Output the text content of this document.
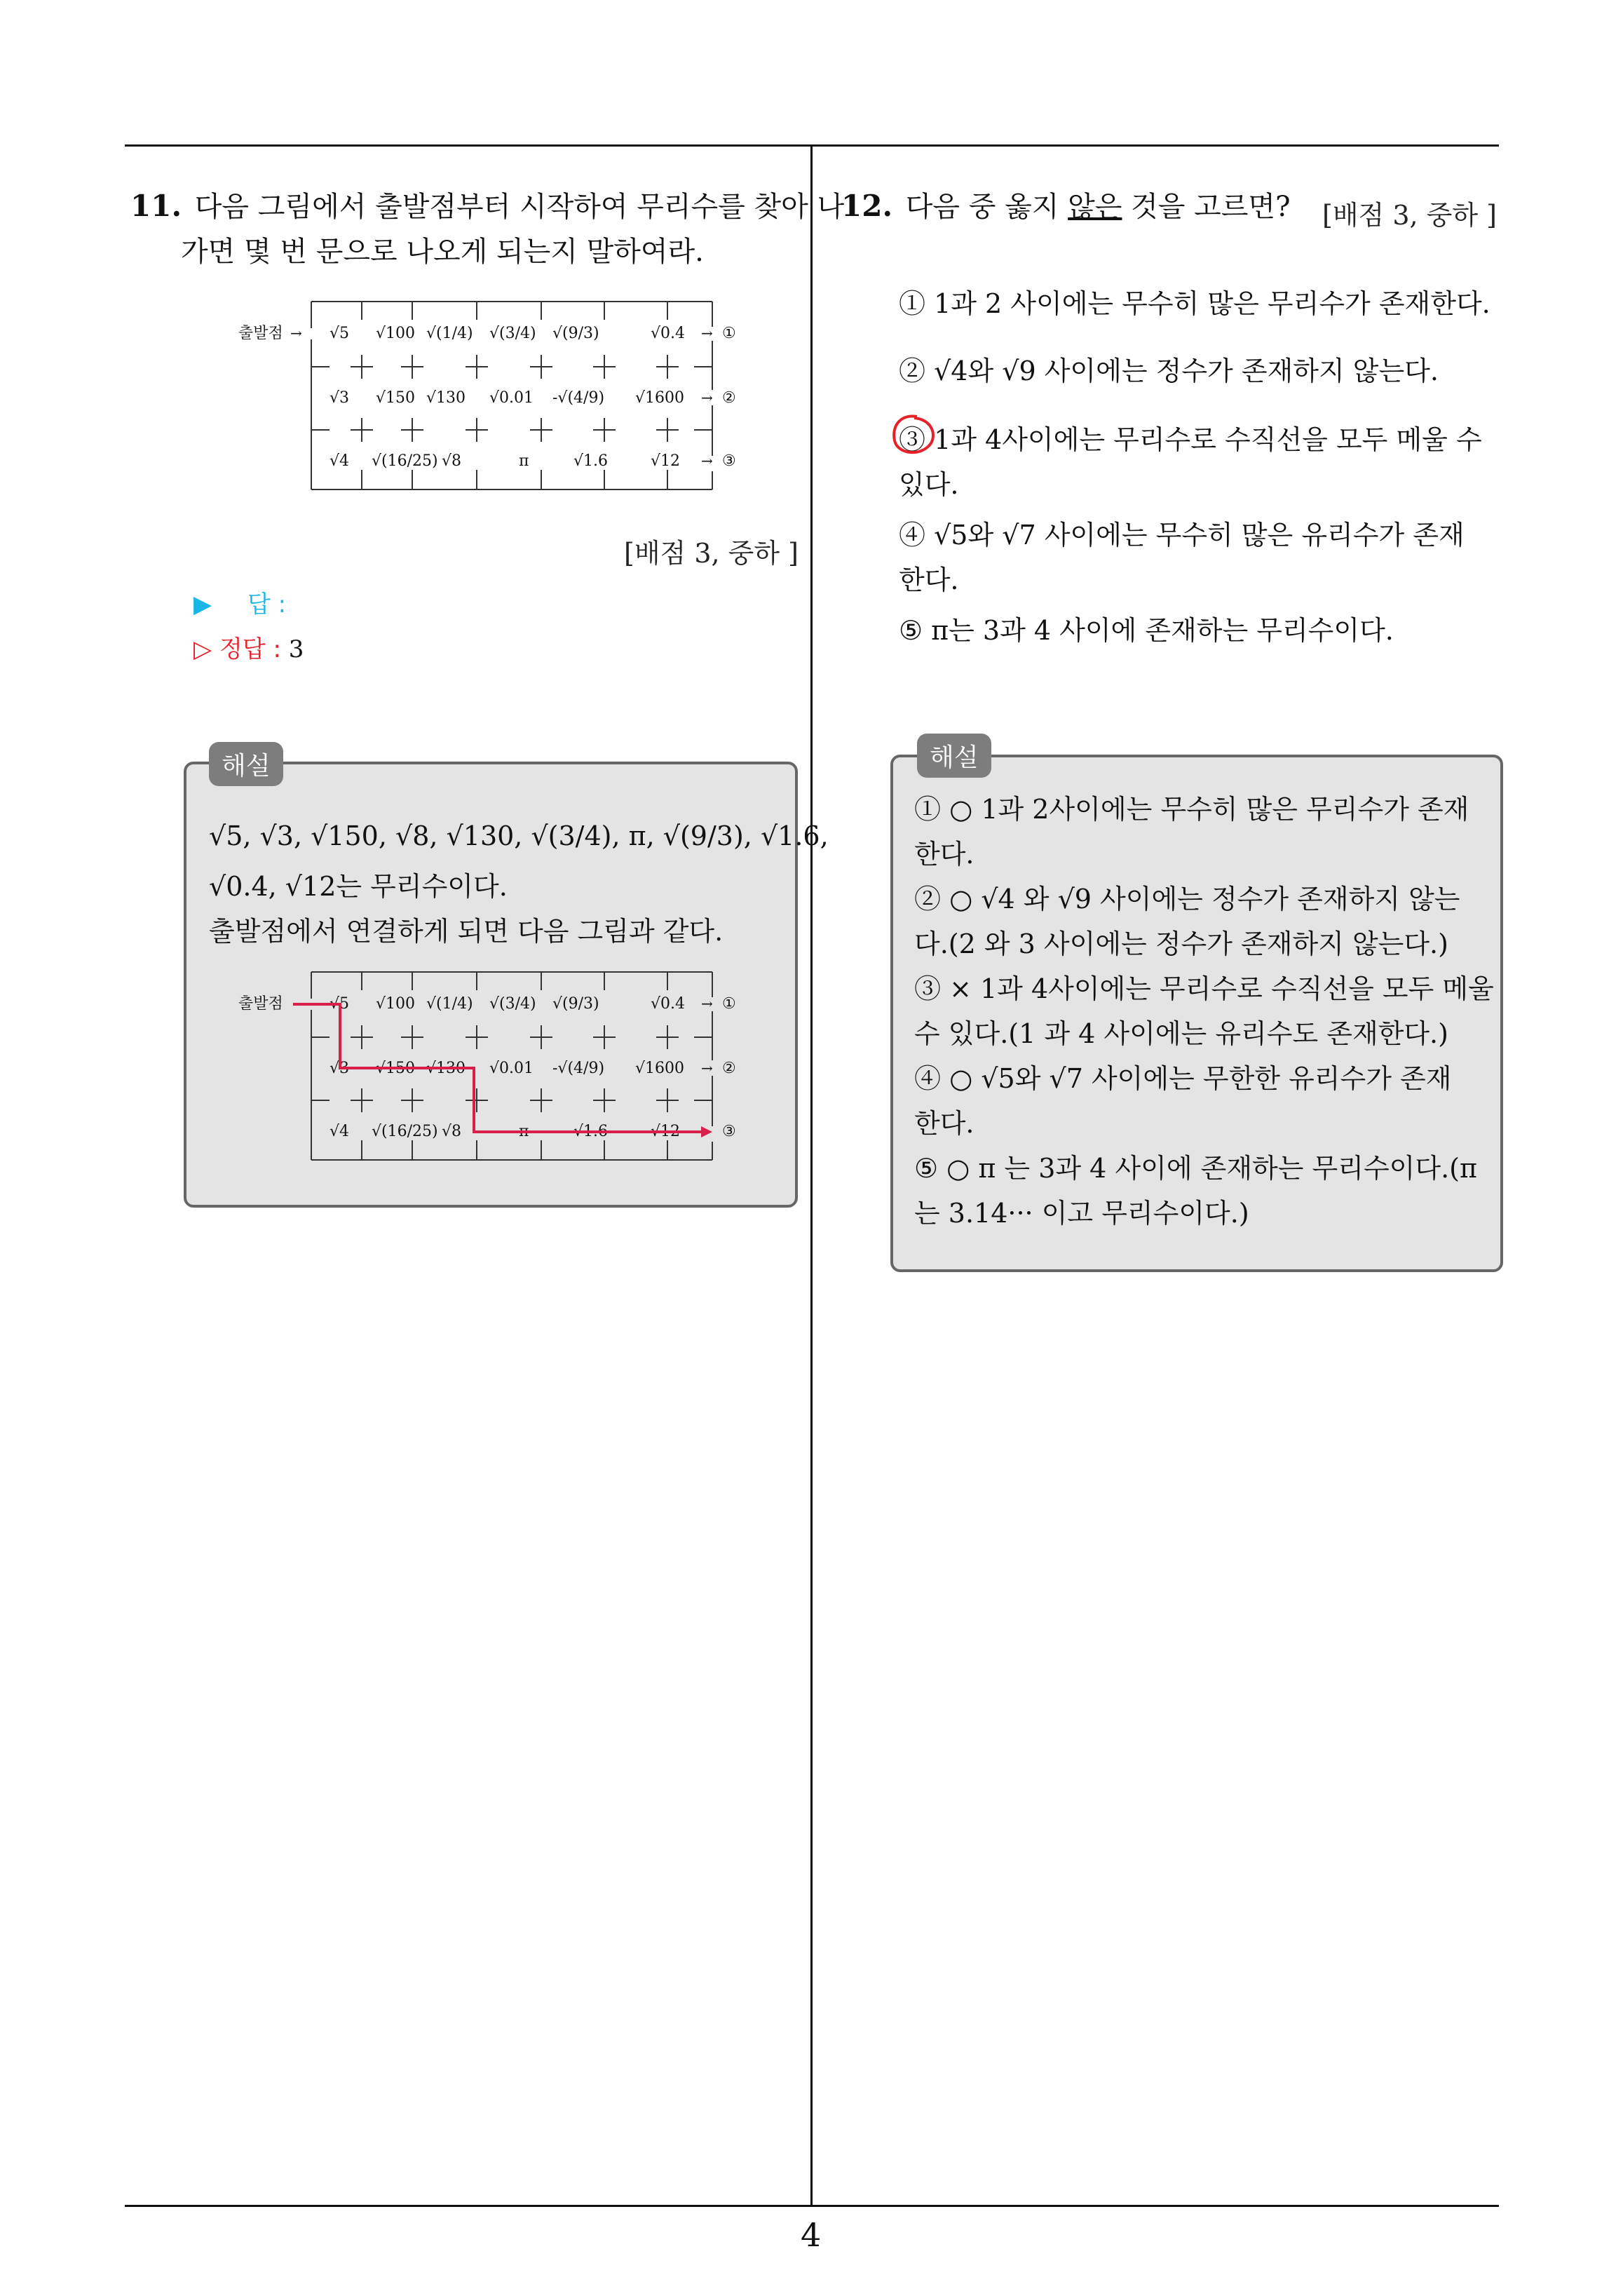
11. 다음 그림에서 출발점부터 시작하여 무리수를 찾아 나
가면 몇 번 문으로 나오게 되는지 말하여라.
출발점 → √5 √100 √(1/4) √(3/4) √(9/3)	√0.4 → ①
√3 √150 √130 √0.01 -√(4/9) √1600 → ②
√4 √(16/25) √8	π	√1.6	√12 → ③
[배점 3, 중하 ]
▶ 답 :
▷ 정답 : 3
해설
√5, √3, √150, √8, √130, √(3/4), π, √(9/3), √1.6,
√0.4, √12는 무리수이다.
출발점에서 연결하게 되면 다음 그림과 같다.
출발점	√5 √100 √(1/4) √(3/4) √(9/3)	√0.4 → ①
√3 √150 √130 √0.01 -√(4/9) √1600 → ②
√4 √(16/25) √8	π	√1.6	√12	③
12. 다음 중 옳지 않은 것을 고르면?	[배점 3, 중하 ]
① 1과 2 사이에는 무수히 많은 무리수가 존재한다.
② √4와 √9 사이에는 정수가 존재하지 않는다.
③ 1과 4사이에는 무리수로 수직선을 모두 메울 수
있다.
④ √5와 √7 사이에는 무수히 많은 유리수가 존재
한다.
⑤ π는 3과 4 사이에 존재하는 무리수이다.
해설
① ○ 1과 2사이에는 무수히 많은 무리수가 존재
한다.
② ○ √4 와 √9 사이에는 정수가 존재하지 않는
다.(2 와 3 사이에는 정수가 존재하지 않는다.)
③ × 1과 4사이에는 무리수로 수직선을 모두 메울
수 있다.(1 과 4 사이에는 유리수도 존재한다.)
④ ○ √5와 √7 사이에는 무한한 유리수가 존재
한다.
⑤ ○ π 는 3과 4 사이에 존재하는 무리수이다.(π
는 3.14··· 이고 무리수이다.)
4
